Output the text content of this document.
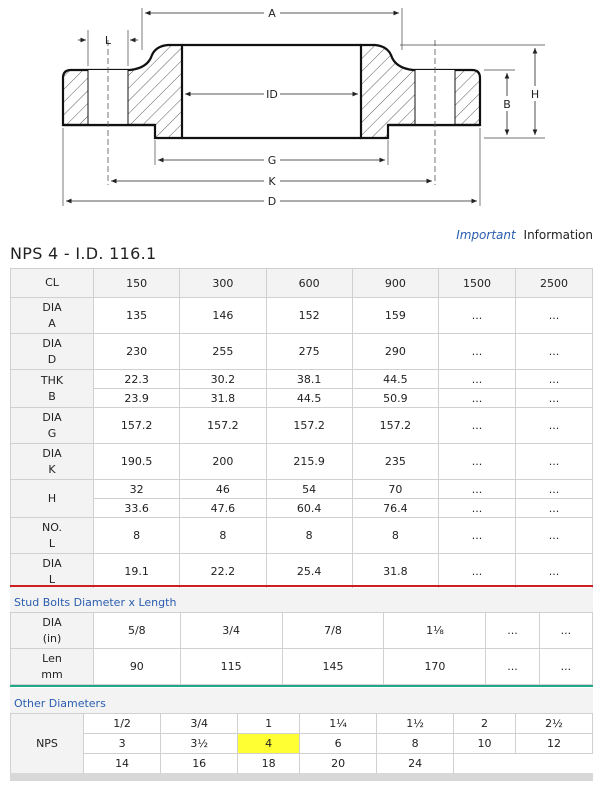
A
L
ID
B
H
G
K
D
Important Information
NPS 4 - I.D. 116.1
CL	150	300	600	900	1500	2500

DIA
A	135	146	152	159	...	...

DIA
D	230	255	275	290	...	...

THK
B	22.3	30.2	38.1	44.5	...	...
	23.9	31.8	44.5	50.9	...	...

DIA
G	157.2	157.2	157.2	157.2	...	...

DIA
K	190.5	200	215.9	235	...	...

H	32	46	54	70	...	...
	33.6	47.6	60.4	76.4	...	...

NO.
L	8	8	8	8	...	...

DIA
L	19.1	22.2	25.4	31.8	...	...
Stud Bolts Diameter x Length
DIA
(in)	5/8	3/4	7/8	1⅛	...	...

Len
mm	90	115	145	170	...	...
Other Diameters
NPS	1/2	3/4	1	1¼	1½	2	2½
	3	3½	4	6	8	10	12
	14	16	18	20	24		
